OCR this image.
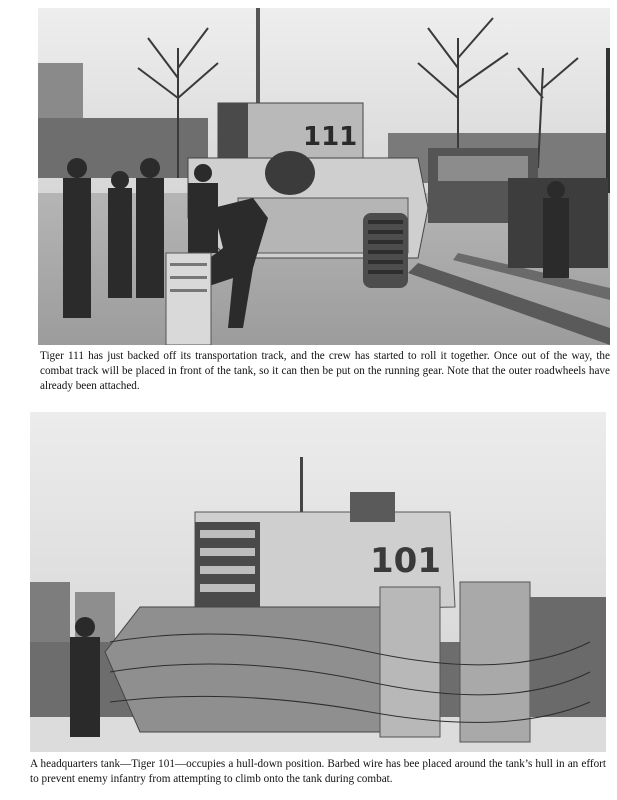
111

Tiger 111 has just backed off its transportation track, and the crew has started to roll it together. Once out of the way, the combat track will be placed in front of the tank, so it can then be put on the running gear. Note that the outer roadwheels have already been attached.

101

A headquarters tank—Tiger 101—occupies a hull-down position. Barbed wire has bee placed around the tank’s hull in an effort to prevent enemy infantry from attempting to climb onto the tank during combat.
